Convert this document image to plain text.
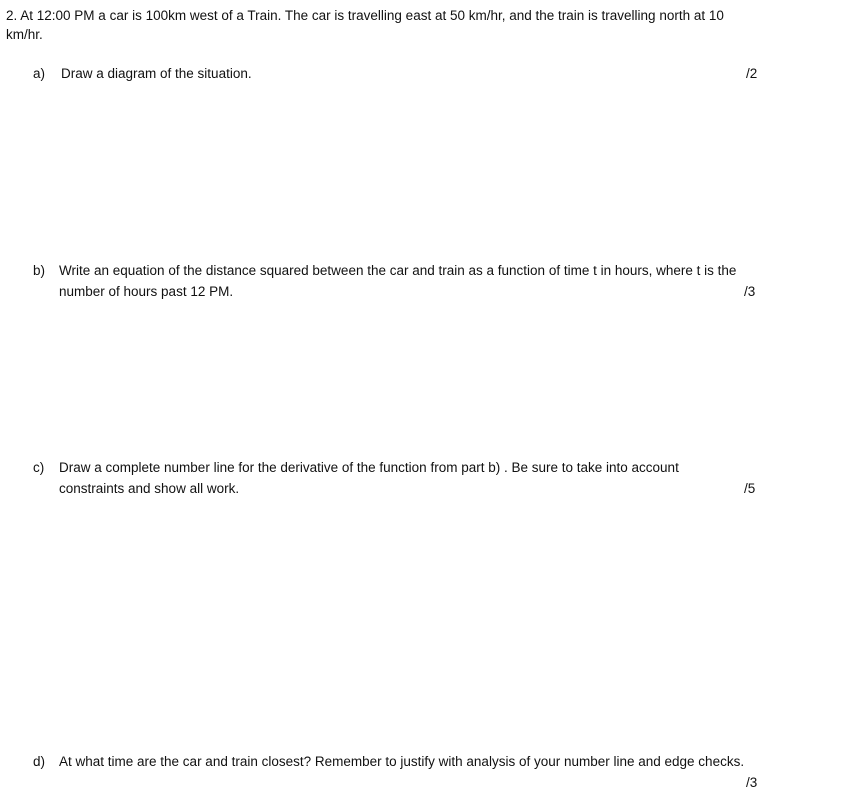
2. At 12:00 PM a car is 100km west of a Train. The car is travelling east at 50 km/hr, and the train is travelling north at 10
km/hr.
a) Draw a diagram of the situation.	/2
b) Write an equation of the distance squared between the car and train as a function of time t in hours, where t is the
number of hours past 12 PM.	/3
c) Draw a complete number line for the derivative of the function from part b) . Be sure to take into account
constraints and show all work.	/5
d) At what time are the car and train closest? Remember to justify with analysis of your number line and edge checks.
/3
